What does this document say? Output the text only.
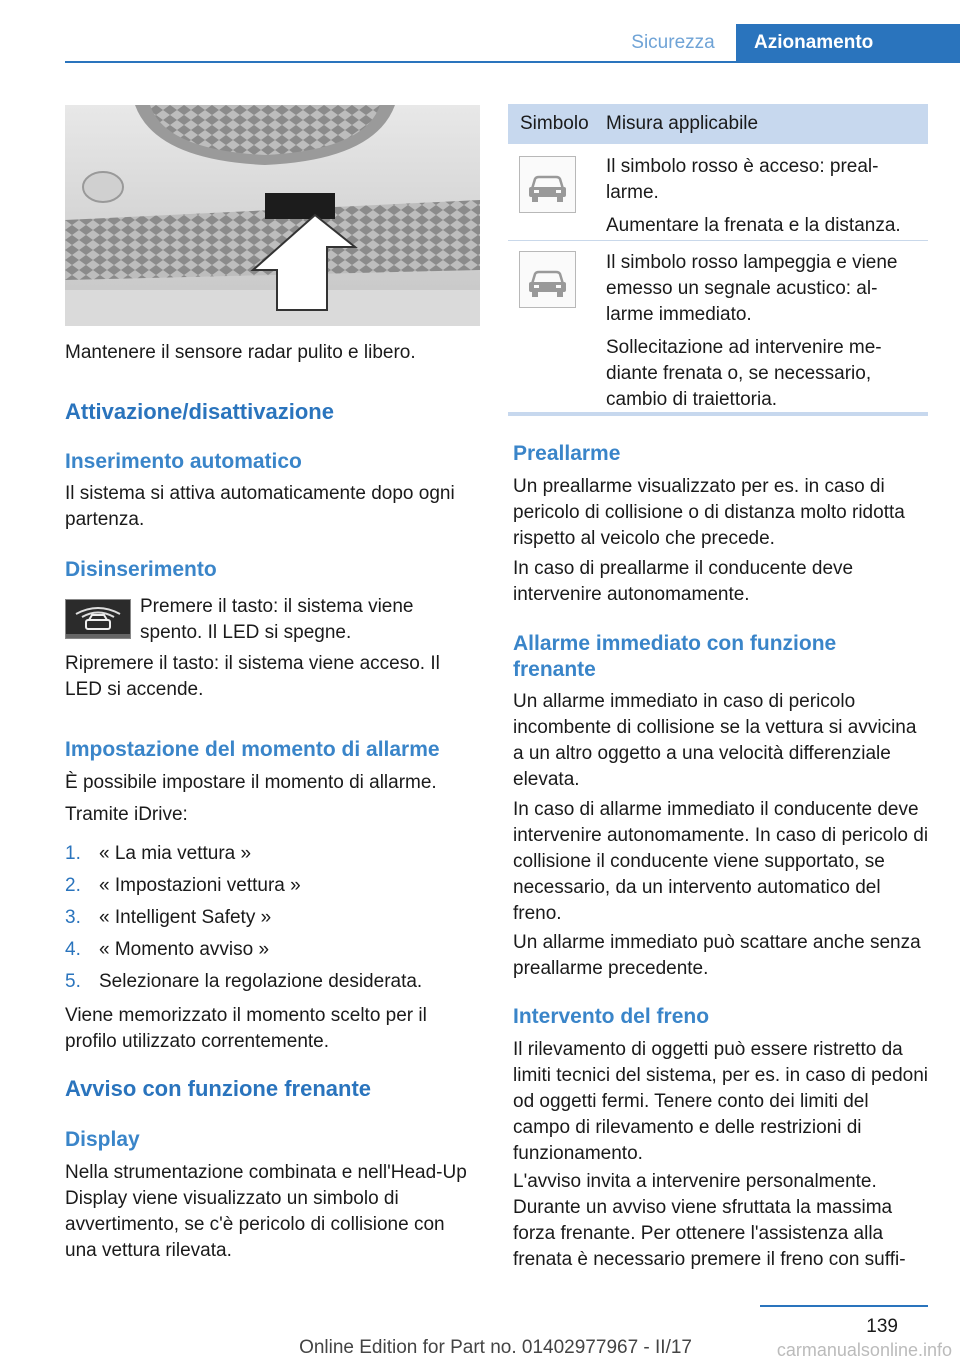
Sicurezza	Azionamento

Mantenere il sensore radar pulito e libero.

Attivazione/disattivazione
Inserimento automatico

Il sistema si attiva automaticamente dopo ogni partenza.

Disinserimento

Premere il tasto: il sistema viene spento. Il LED si spegne.

Ripremere il tasto: il sistema viene acceso. Il LED si accende.

Impostazione del momento di allarme

È possibile impostare il momento di allarme.

Tramite iDrive:

1. « La mia vettura »
2. « Impostazioni vettura »
3. « Intelligent Safety »
4. « Momento avviso »
5. Selezionare la regolazione desiderata.

Viene memorizzato il momento scelto per il profilo utilizzato correntemente.

Avviso con funzione frenante
Display

Nella strumentazione combinata e nell'Head-Up Display viene visualizzato un simbolo di avvertimento, se c'è pericolo di collisione con una vettura rilevata.

Simbolo Misura applicabile
Il simbolo rosso è acceso: preal-
larme.
Aumentare la frenata e la distanza.
Il simbolo rosso lampeggia e viene
emesso un segnale acustico: al-
larme immediato.
Sollecitazione ad intervenire me-
diante frenata o, se necessario,
cambio di traiettoria.
Preallarme

Un preallarme visualizzato per es. in caso di pericolo di collisione o di distanza molto ridotta rispetto al veicolo che precede.

In caso di preallarme il conducente deve intervenire autonomamente.

Allarme immediato con funzione frenante

Un allarme immediato in caso di pericolo incombente di collisione se la vettura si avvicina a un altro oggetto a una velocità differenziale elevata.

In caso di allarme immediato il conducente deve intervenire autonomamente. In caso di pericolo di collisione il conducente viene supportato, se necessario, da un intervento automatico del freno.

Un allarme immediato può scattare anche senza preallarme precedente.

Intervento del freno

Il rilevamento di oggetti può essere ristretto da limiti tecnici del sistema, per es. in caso di pedoni od oggetti fermi. Tenere conto dei limiti del campo di rilevamento e delle restrizioni di funzionamento.

L'avviso invita a intervenire personalmente. Durante un avviso viene sfruttata la massima forza frenante. Per ottenere l'assistenza alla frenata è necessario premere il freno con suffi-

139
Online Edition for Part no. 01402977967 - II/17	carmanualsonline.info
